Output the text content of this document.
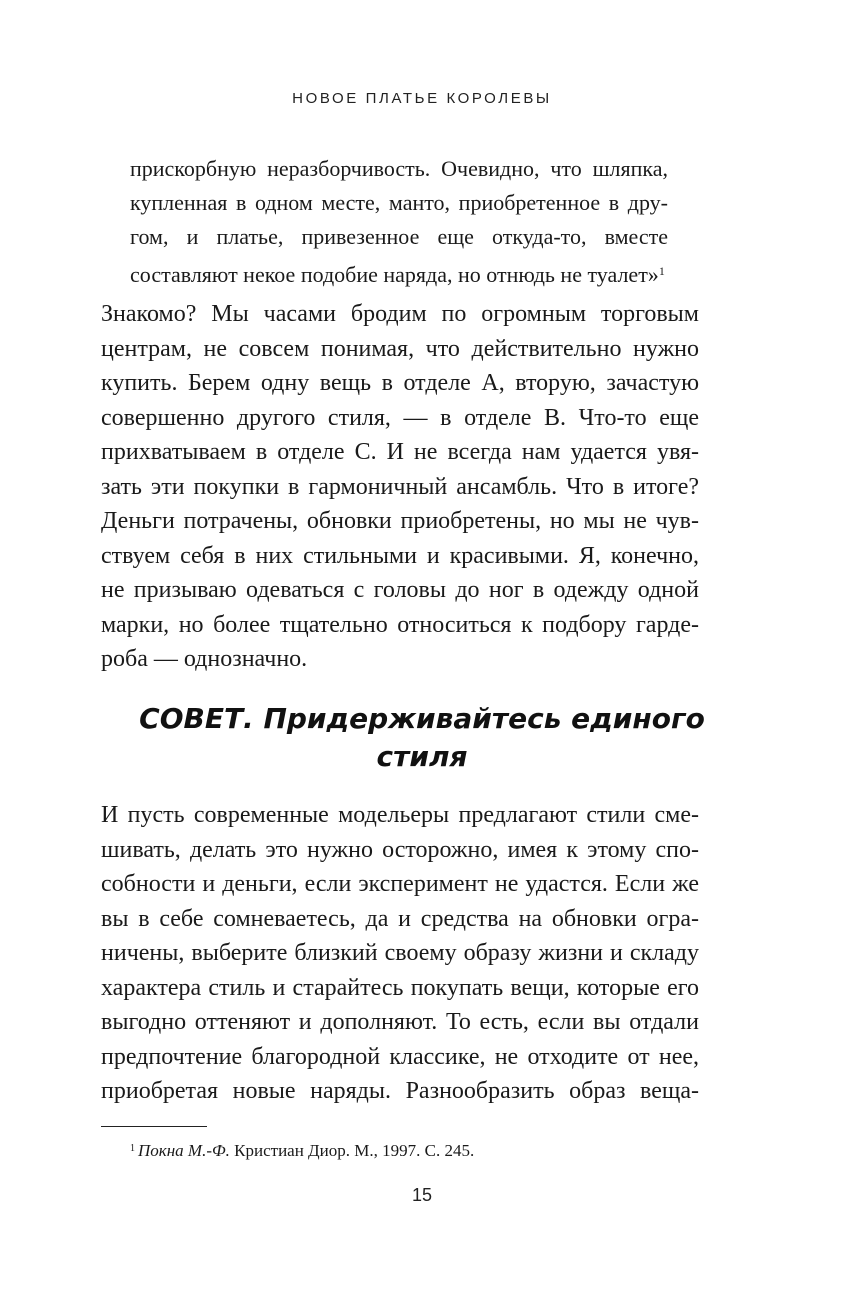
НОВОЕ ПЛАТЬЕ КОРОЛЕВЫ
прискорбную неразборчивость. Очевидно, что шляпка,
купленная в одном месте, манто, приобретенное в дру-
гом, и платье, привезенное еще откуда-то, вместе
составляют некое подобие наряда, но отнюдь не туалет»$^1$
Знакомо? Мы часами бродим по огромным торговым
центрам, не совсем понимая, что действительно нужно
купить. Берем одну вещь в отделе А, вторую, зачастую
совершенно другого стиля, — в отделе В. Что-то еще
прихватываем в отделе С. И не всегда нам удается увя-
зать эти покупки в гармоничный ансамбль. Что в итоге?
Деньги потрачены, обновки приобретены, но мы не чув-
ствуем себя в них стильными и красивыми. Я, конечно,
не призываю одеваться с головы до ног в одежду одной
марки, но более тщательно относиться к подбору гарде-
роба — однозначно.
СОВЕТ. Придерживайтесь единого
стиля
И пусть современные модельеры предлагают стили сме-
шивать, делать это нужно осторожно, имея к этому спо-
собности и деньги, если эксперимент не удастся. Если же
вы в себе сомневаетесь, да и средства на обновки огра-
ничены, выберите близкий своему образу жизни и складу
характера стиль и старайтесь покупать вещи, которые его
выгодно оттеняют и дополняют. То есть, если вы отдали
предпочтение благородной классике, не отходите от нее,
приобретая новые наряды. Разнообразить образ веща-
$^1$ Покна М.-Ф. Кристиан Диор. М., 1997. С. 245.
15
